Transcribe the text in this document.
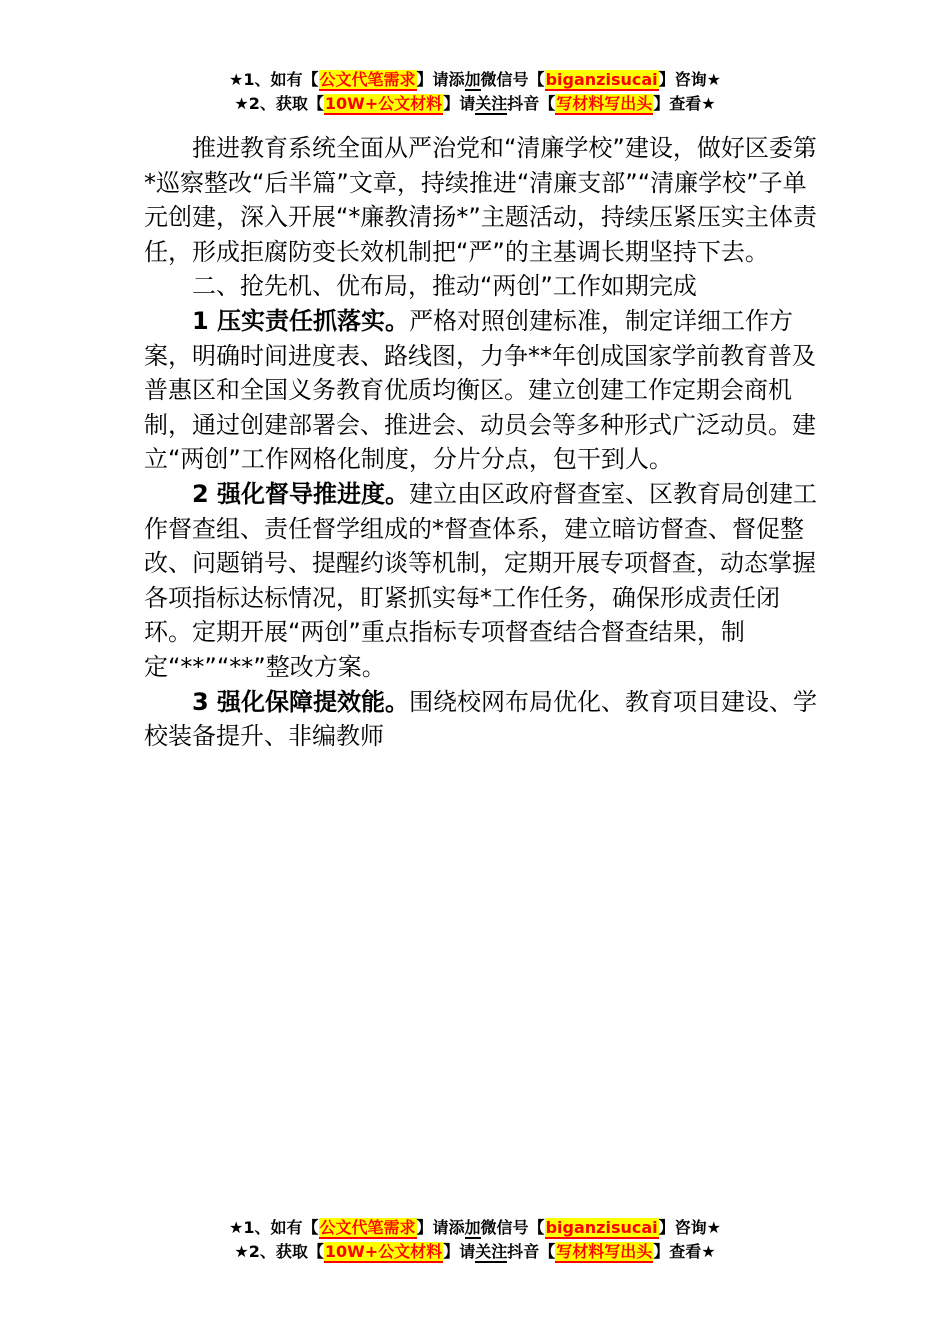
★1、如有【公文代笔需求】请添加微信号【biganzisucai】咨询★
★2、获取【10W+公文材料】请关注抖音【写材料写出头】查看★

推进教育系统全面从严治党和“清廉学校”建设，做好区委第*巡察整改“后半篇”文章，持续推进“清廉支部”“清廉学校”子单元创建，深入开展“*廉教清扬*”主题活动，持续压紧压实主体责任，形成拒腐防变长效机制把“严”的主基调长期坚持下去。

二、抢先机、优布局，推动“两创”工作如期完成

1 压实责任抓落实。严格对照创建标准，制定详细工作方案，明确时间进度表、路线图，力争**年创成国家学前教育普及普惠区和全国义务教育优质均衡区。建立创建工作定期会商机制，通过创建部署会、推进会、动员会等多种形式广泛动员。建立“两创”工作网格化制度，分片分点，包干到人。

2 强化督导推进度。建立由区政府督查室、区教育局创建工作督查组、责任督学组成的*督查体系，建立暗访督查、督促整改、问题销号、提醒约谈等机制，定期开展专项督查，动态掌握各项指标达标情况，盯紧抓实每*工作任务，确保形成责任闭环。定期开展“两创”重点指标专项督查结合督查结果，制定“**”“**”整改方案。

3 强化保障提效能。围绕校网布局优化、教育项目建设、学校装备提升、非编教师

★1、如有【公文代笔需求】请添加微信号【biganzisucai】咨询★
★2、获取【10W+公文材料】请关注抖音【写材料写出头】查看★
